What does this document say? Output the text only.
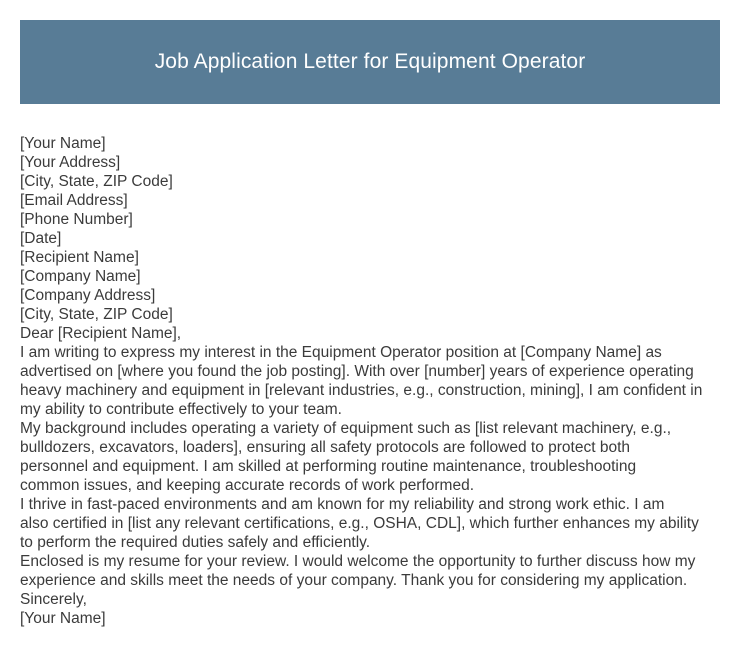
Job Application Letter for Equipment Operator
[Your Name]
[Your Address]
[City, State, ZIP Code]
[Email Address]
[Phone Number]
[Date]
[Recipient Name]
[Company Name]
[Company Address]
[City, State, ZIP Code]
Dear [Recipient Name],
I am writing to express my interest in the Equipment Operator position at [Company Name] as
advertised on [where you found the job posting]. With over [number] years of experience operating
heavy machinery and equipment in [relevant industries, e.g., construction, mining], I am confident in
my ability to contribute effectively to your team.
My background includes operating a variety of equipment such as [list relevant machinery, e.g.,
bulldozers, excavators, loaders], ensuring all safety protocols are followed to protect both
personnel and equipment. I am skilled at performing routine maintenance, troubleshooting
common issues, and keeping accurate records of work performed.
I thrive in fast-paced environments and am known for my reliability and strong work ethic. I am
also certified in [list any relevant certifications, e.g., OSHA, CDL], which further enhances my ability
to perform the required duties safely and efficiently.
Enclosed is my resume for your review. I would welcome the opportunity to further discuss how my
experience and skills meet the needs of your company. Thank you for considering my application.
Sincerely,
[Your Name]
